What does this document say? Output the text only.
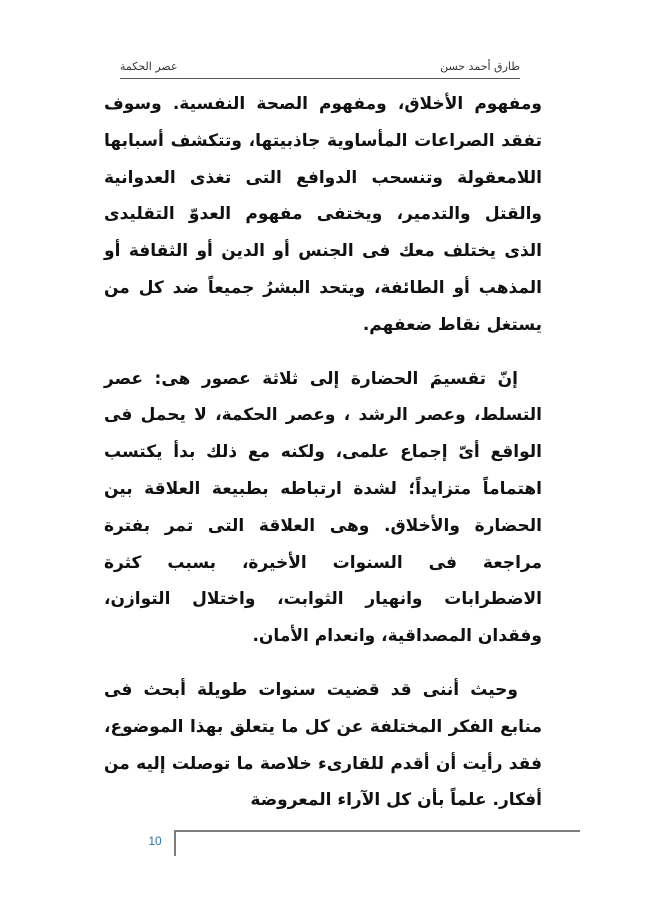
طارق أحمد حسن
عصر الحكمة

ومفهوم الأخلاق، ومفهوم الصحة النفسية. وسوف تفقد الصراعات المأساوية جاذبيتها، وتتكشف أسبابها اللامعقولة وتنسحب الدوافع التى تغذى العدوانية والقتل والتدمير، ويختفى مفهوم العدوّ التقليدى الذى يختلف معك فى الجنس أو الدين أو الثقافة أو المذهب أو الطائفة، ويتحد البشرُ جميعاً ضد كل من يستغل نقاط ضعفهم.

إنّ تقسيمَ الحضارة إلى ثلاثة عصور هى: عصر التسلط، وعصر الرشد ، وعصر الحكمة، لا يحمل فى الواقع أىّ إجماع علمى، ولكنه مع ذلك بدأ يكتسب اهتماماً متزايداً؛ لشدة ارتباطه بطبيعة العلاقة بين الحضارة والأخلاق. وهى العلاقة التى تمر بفترة مراجعة فى السنوات الأخيرة، بسبب كثرة الاضطرابات وانهيار الثوابت، واختلال التوازن، وفقدان المصداقية، وانعدام الأمان.

وحيث أننى قد قضيت سنوات طويلة أبحث فى منابع الفكر المختلفة عن كل ما يتعلق بهذا الموضوع، فقد رأيت أن أقدم للقارىء خلاصة ما توصلت إليه من أفكار. علماً بأن كل الآراء المعروضة

10
